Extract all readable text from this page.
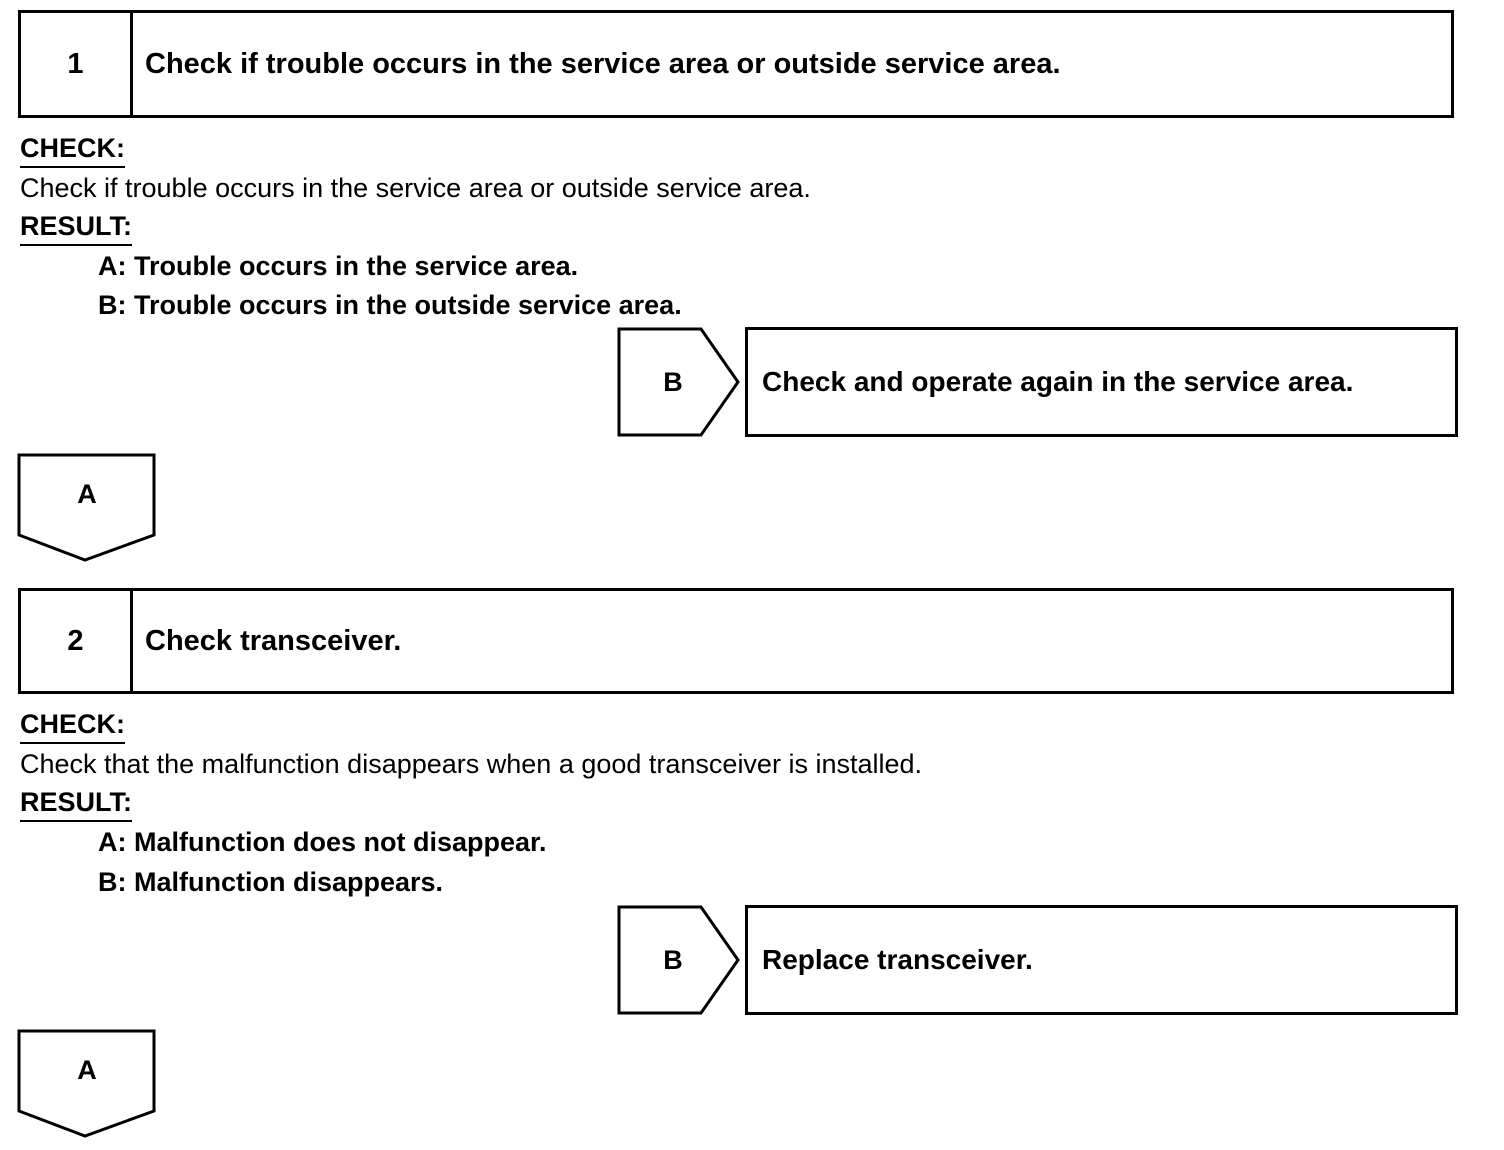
1	Check if trouble occurs in the service area or outside service area.
CHECK:
Check if trouble occurs in the service area or outside service area.
RESULT:
A: Trouble occurs in the service area.
B: Trouble occurs in the outside service area.
B	Check and operate again in the service area.
A
2	Check transceiver.
CHECK:
Check that the malfunction disappears when a good transceiver is installed.
RESULT:
A: Malfunction does not disappear.
B: Malfunction disappears.
B	Replace transceiver.
A
